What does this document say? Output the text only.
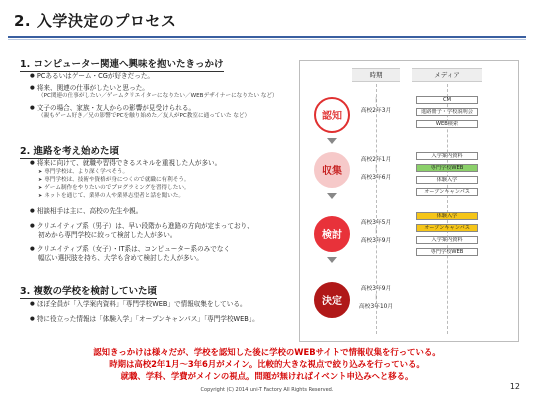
2. 入学決定のプロセス
1. コンピューター関連へ興味を抱いたきっかけ
● PCあるいはゲーム・CGが好きだった。
● 将来、関連の仕事がしたいと思った。
（PC関連の仕事がしたい／ゲームクリエイターになりたい／WEBデザイナーになりたい など）
● 文子の場合、家族・友人からの影響が見受けられる。
（親もゲーム好き／兄の影響でPCを触り始めた／友人がPC教室に通っていた など）
2. 進路を考え始めた頃
● 将来に向けて、就職や習得できるスキルを重視した人が多い。
➤ 専門学校は、より深く学べそう。
➤ 専門学校は、技術や資格が身につくので就職に有利そう。
➤ ゲーム制作をやりたいのでプログラミングを習得したい。
➤ ネットを通じて、業界の人や業界志望者と話を聞いた。
● 相談相手は主に、高校の先生や親。
● クリエイティブ系（男子）は、早い段階から進路の方向が定まっており、
初めから専門学校に絞って検討した人が多い。
● クリエイティブ系（女子）・IT系は、コンピューター系のみでなく
幅広い選択肢を持ち、大学も含めて検討した人が多い。
3. 複数の学校を検討していた頃
● ほぼ全員が「入学案内資料」「専門学校WEB」で情報収集をしている。
● 特に役立った情報は「体験入学」「オープンキャンパス」「専門学校WEB」。
時期	メディア
認知
｜
高校2年3月
CM
進路冊子・学校説明会
WEB検索
収集
高校2年1月
｜
高校3年6月
入学案内資料
専門学校WEB
体験入学
オープンキャンパス
検討
高校3年5月
｜
高校3年9月
体験入学
オープンキャンパス
入学案内資料
専門学校WEB
決定
高校3年9月
｜
高校3年10月
認知きっかけは様々だが、学校を認知した後に学校のWEBサイトで情報収集を行っている。
時期は高校2年1月～3年6月がメイン。比較的大きな視点で絞り込みを行っている。
就職、学科、学費がメインの視点。問題が無ければイベント申込みへと移る。
Copyright (C) 2014 uni-T Factory All Rights Reserved.	12
